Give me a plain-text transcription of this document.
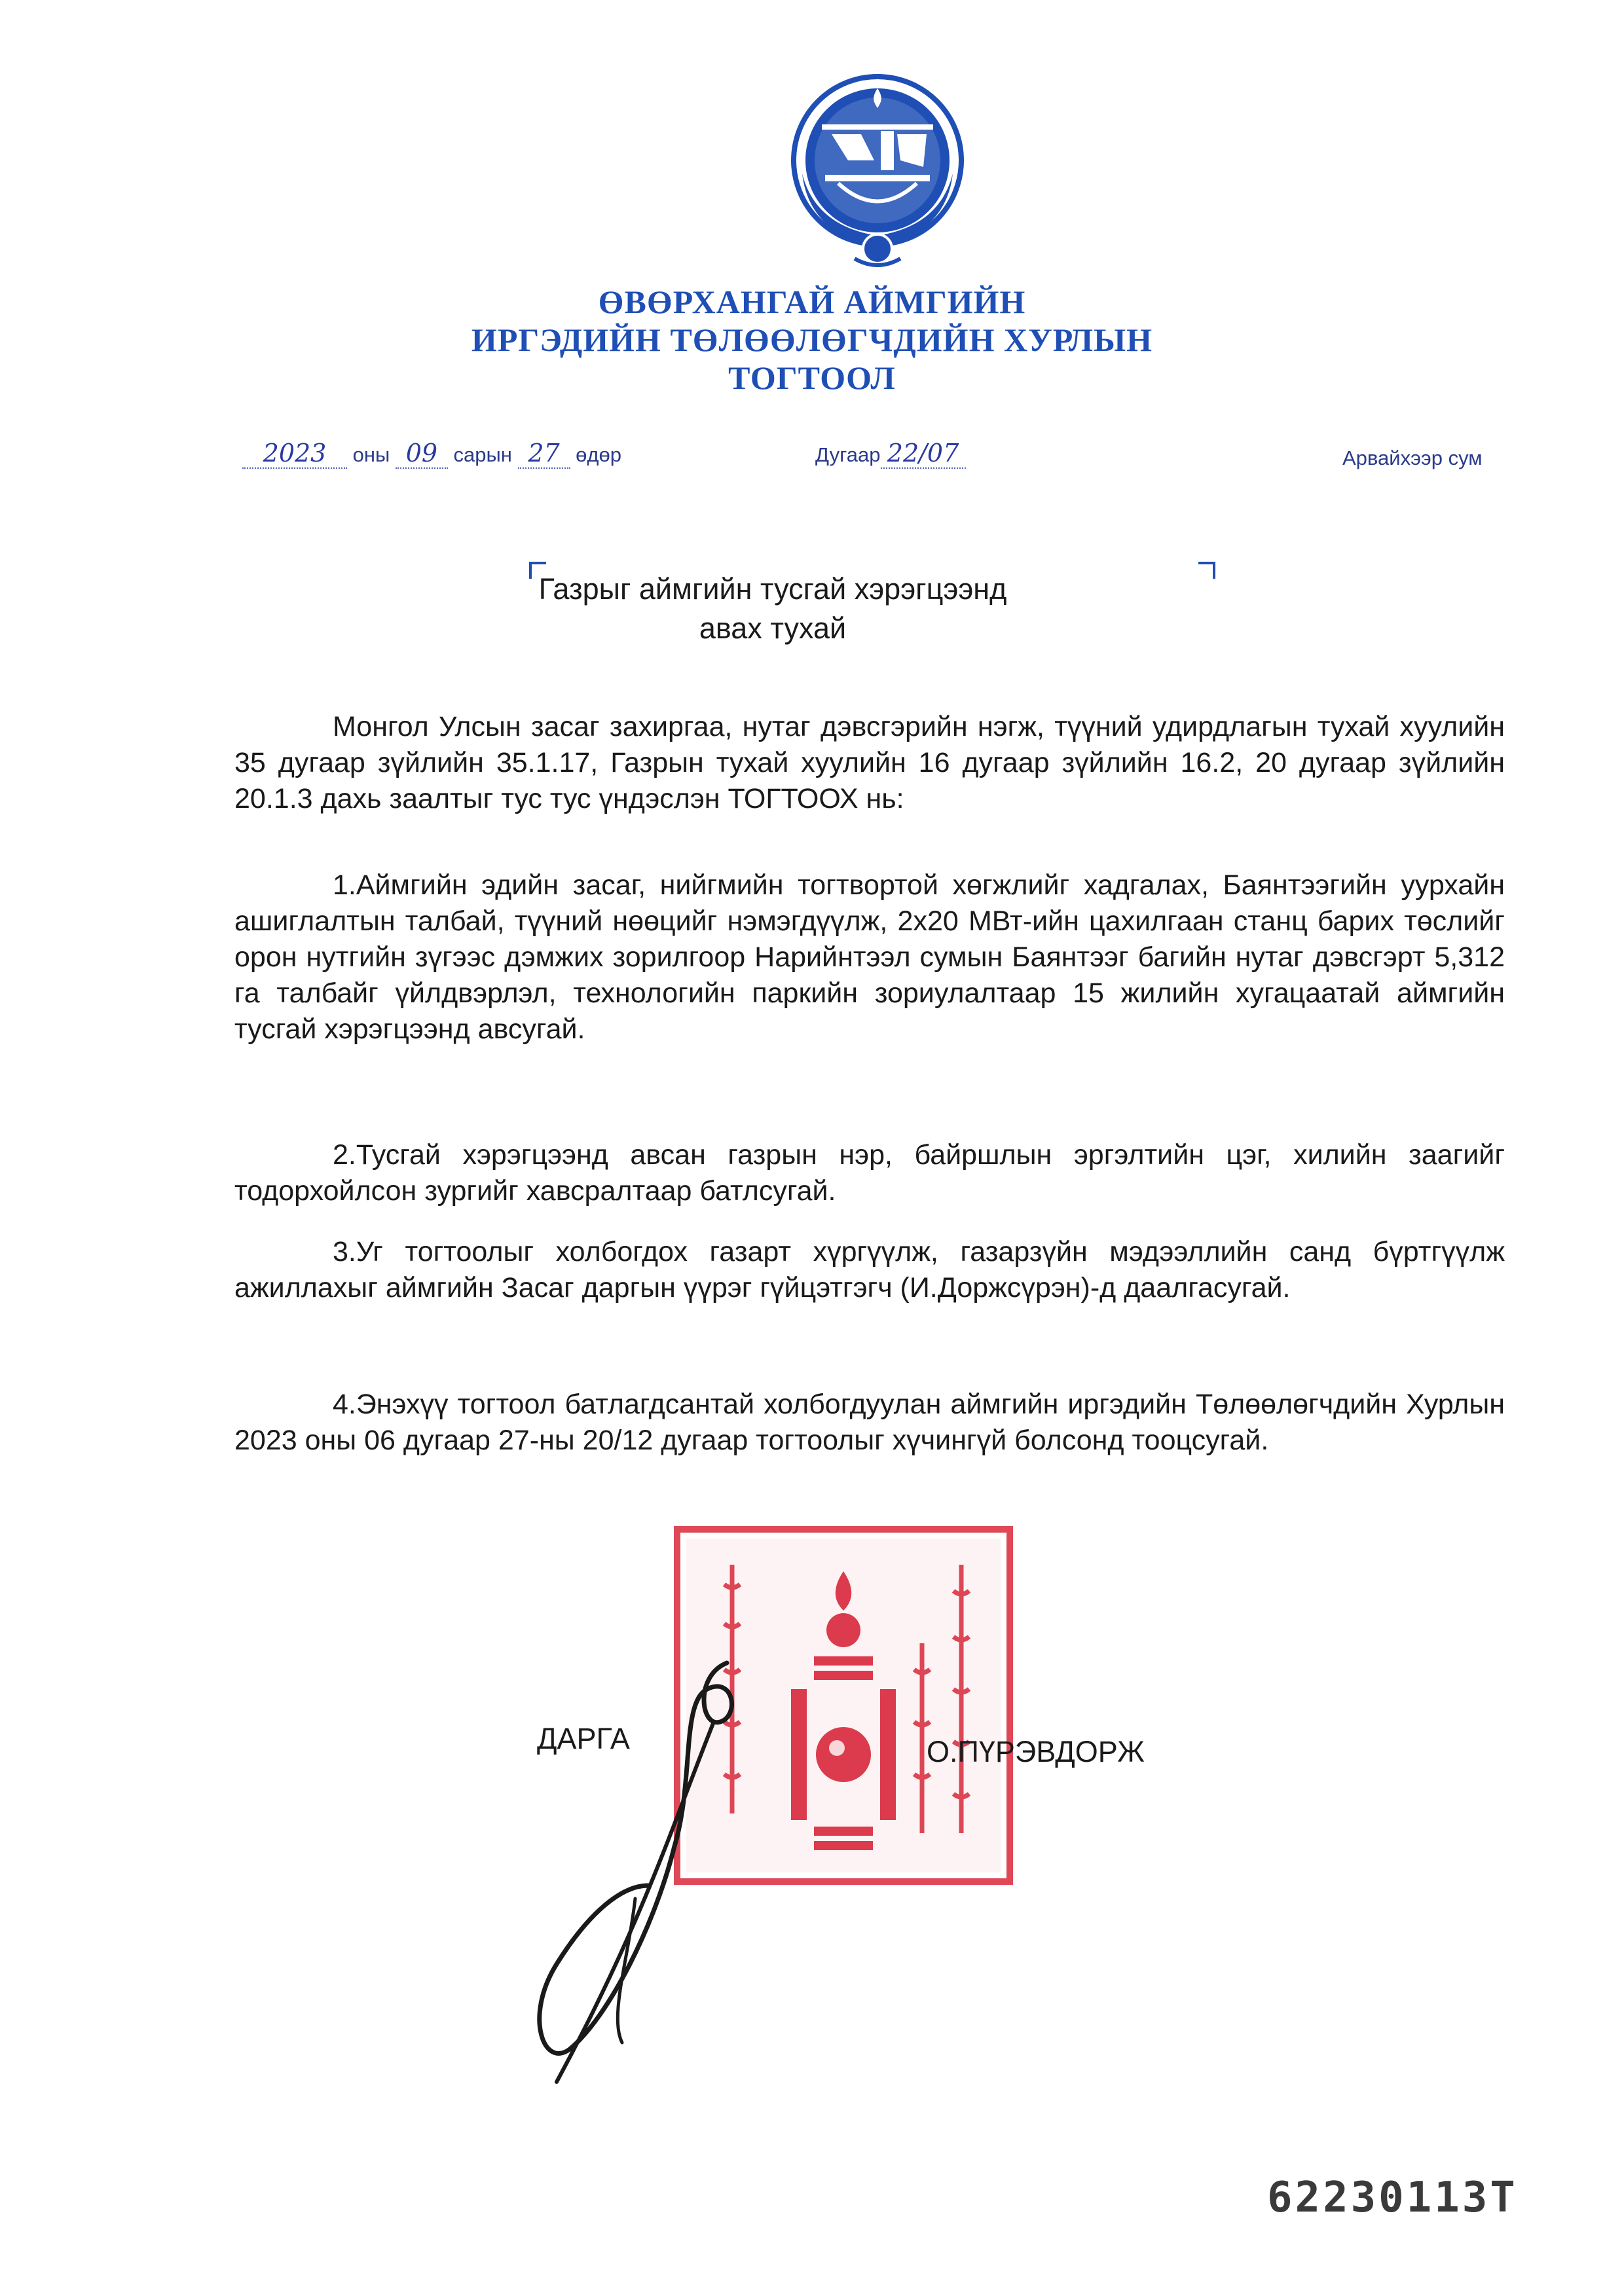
ӨВӨРХАНГАЙ АЙМГИЙН
ИРГЭДИЙН ТӨЛӨӨЛӨГЧДИЙН ХУРЛЫН
ТОГТООЛ
2023 оны 09 сарын 27 өдөр	Дугаар 22/07	Арвайхээр сум
Газрыг аймгийн тусгай хэрэгцээнд
авах тухай
Монгол Улсын засаг захиргаа, нутаг дэвсгэрийн нэгж, түүний удирдлагын тухай хуулийн 35 дугаар зүйлийн 35.1.17, Газрын тухай хуулийн 16 дугаар зүйлийн 16.2, 20 дугаар зүйлийн 20.1.3 дахь заалтыг тус тус үндэслэн ТОГТООХ нь:
1.Аймгийн эдийн засаг, нийгмийн тогтвортой хөгжлийг хадгалах, Баянтээгийн уурхайн ашиглалтын талбай, түүний нөөцийг нэмэгдүүлж, 2х20 МВт-ийн цахилгаан станц барих төслийг орон нутгийн зүгээс дэмжих зорилгоор Нарийнтээл сумын Баянтээг багийн нутаг дэвсгэрт 5,312 га талбайг үйлдвэрлэл, технологийн паркийн зориулалтаар 15 жилийн хугацаатай аймгийн тусгай хэрэгцээнд авсугай.
2.Тусгай хэрэгцээнд авсан газрын нэр, байршлын эргэлтийн цэг, хилийн заагийг тодорхойлсон зургийг хавсралтаар батлсугай.
3.Уг тогтоолыг холбогдох газарт хүргүүлж, газарзүйн мэдээллийн санд бүртгүүлж ажиллахыг аймгийн Засаг даргын үүрэг гүйцэтгэгч (И.Доржсүрэн)-д даалгасугай.
4.Энэхүү тогтоол батлагдсантай холбогдуулан аймгийн иргэдийн Төлөөлөгчдийн Хурлын 2023 оны 06 дугаар 27-ны 20/12 дугаар тогтоолыг хүчингүй болсонд тооцсугай.
ДАРГА	О.ПҮРЭВДОРЖ
62230113T
